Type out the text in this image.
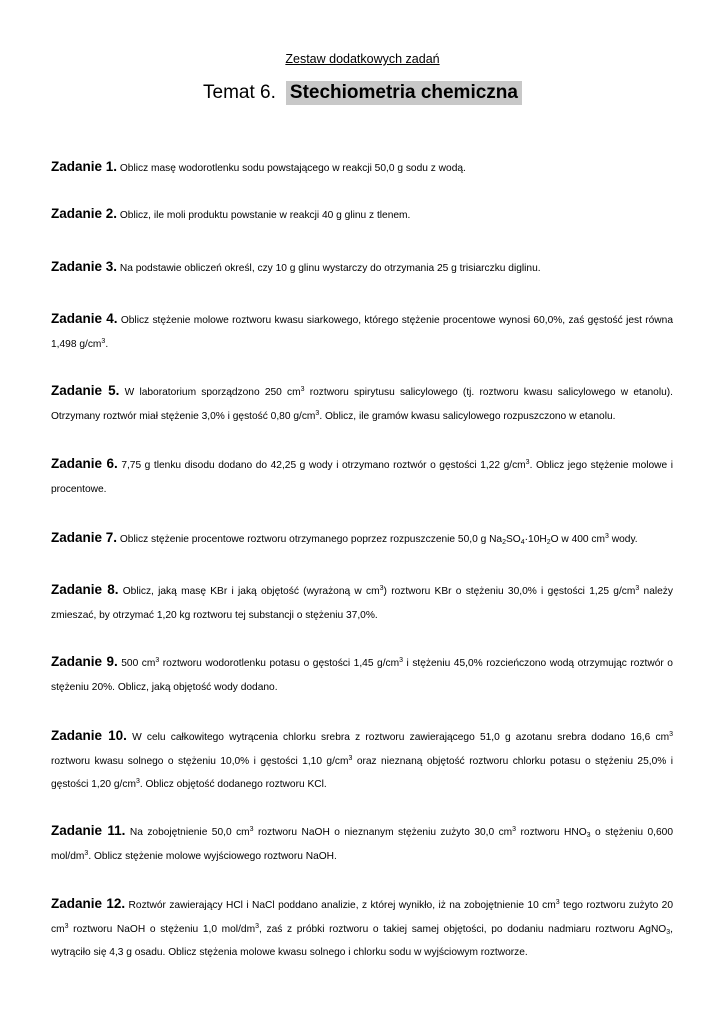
Zestaw dodatkowych zadań
Temat 6. Stechiometria chemiczna
Zadanie 1. Oblicz masę wodorotlenku sodu powstającego w reakcji 50,0 g sodu z wodą.
Zadanie 2. Oblicz, ile moli produktu powstanie w reakcji 40 g glinu z tlenem.
Zadanie 3. Na podstawie obliczeń określ, czy 10 g glinu wystarczy do otrzymania 25 g trisiarczku diglinu.
Zadanie 4. Oblicz stężenie molowe roztworu kwasu siarkowego, którego stężenie procentowe wynosi 60,0%, zaś gęstość jest równa 1,498 $g/cm^3$.
Zadanie 5. W laboratorium sporządzono 250 $cm^3$ roztworu spirytusu salicylowego (tj. roztworu kwasu salicylowego w etanolu). Otrzymany roztwór miał stężenie 3,0% i gęstość 0,80 $g/cm^3$. Oblicz, ile gramów kwasu salicylowego rozpuszczono w etanolu.
Zadanie 6. 7,75 g tlenku disodu dodano do 42,25 g wody i otrzymano roztwór o gęstości 1,22 $g/cm^3$. Oblicz jego stężenie molowe i procentowe.
Zadanie 7. Oblicz stężenie procentowe roztworu otrzymanego poprzez rozpuszczenie 50,0 g $Na_2SO_4\cdot 10H_2O$ w 400 $cm^3$ wody.
Zadanie 8. Oblicz, jaką masę KBr i jaką objętość (wyrażoną w $cm^3$) roztworu KBr o stężeniu 30,0% i gęstości 1,25 $g/cm^3$ należy zmieszać, by otrzymać 1,20 kg roztworu tej substancji o stężeniu 37,0%.
Zadanie 9. 500 $cm^3$ roztworu wodorotlenku potasu o gęstości 1,45 $g/cm^3$ i stężeniu 45,0% rozcieńczono wodą otrzymując roztwór o stężeniu 20%. Oblicz, jaką objętość wody dodano.
Zadanie 10. W celu całkowitego wytrącenia chlorku srebra z roztworu zawierającego 51,0 g azotanu srebra dodano 16,6 $cm^3$ roztworu kwasu solnego o stężeniu 10,0% i gęstości 1,10 $g/cm^3$ oraz nieznaną objętość roztworu chlorku potasu o stężeniu 25,0% i gęstości 1,20 $g/cm^3$. Oblicz objętość dodanego roztworu KCl.
Zadanie 11. Na zobojętnienie 50,0 $cm^3$ roztworu NaOH o nieznanym stężeniu zużyto 30,0 $cm^3$ roztworu $HNO_3$ o stężeniu 0,600 mol/$dm^3$. Oblicz stężenie molowe wyjściowego roztworu NaOH.
Zadanie 12. Roztwór zawierający HCl i NaCl poddano analizie, z której wynikło, iż na zobojętnienie 10 $cm^3$ tego roztworu zużyto 20 $cm^3$ roztworu NaOH o stężeniu 1,0 mol/$dm^3$, zaś z próbki roztworu o takiej samej objętości, po dodaniu nadmiaru roztworu AgNO$_3$, wytrąciło się 4,3 g osadu. Oblicz stężenia molowe kwasu solnego i chlorku sodu w wyjściowym roztworze.
